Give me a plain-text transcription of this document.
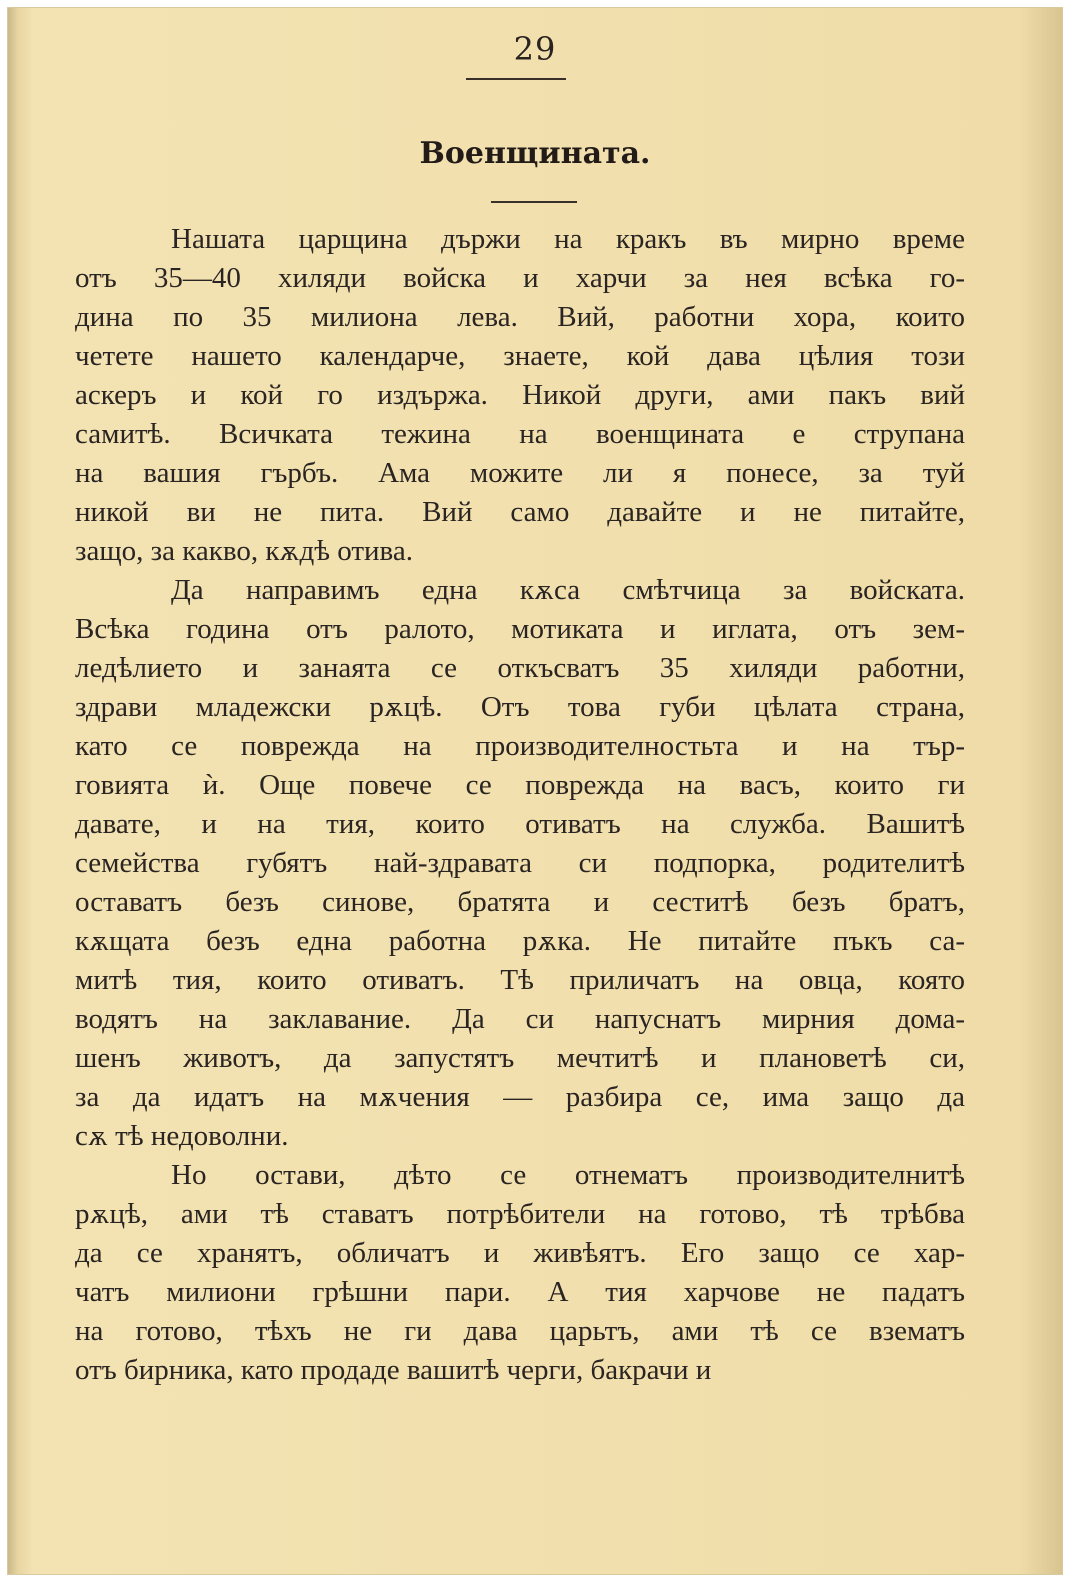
29
Военщината.
Нашата царщина държи на кракъ въ мирно време
отъ 35—40 хиляди войска и харчи за нея всѣка го-
дина по 35 милиона лева. Вий, работни хора, които
четете нашето календарче, знаете, кой дава цѣлия този
аскеръ и кой го издържа. Никой други, ами пакъ вий
самитѣ. Всичката тежина на военщината е струпана
на вашия гърбъ. Ама можите ли я понесе, за туй
никой ви не пита. Вий само давайте и не питайте,
защо, за какво, кѫдѣ отива.
Да направимъ една кѫса смѣтчица за войската.
Всѣка година отъ ралото, мотиката и иглата, отъ зем-
ледѣлието и занаята се откъсватъ 35 хиляди работни,
здрави младежски рѫцѣ. Отъ това губи цѣлата страна,
като се повреждa на производителностьта и на тър-
говията ѝ. Още повече се повреждa на васъ, които ги
давате, и на тия, които отиватъ на служба. Вашитѣ
семейства губятъ най-здравата си подпорка, родителитѣ
оставатъ безъ синове, братята и сеститѣ безъ братъ,
кѫщата безъ една работна рѫка. Не питайте пъкъ са-
митѣ тия, които отиватъ. Тѣ приличатъ на овца, която
водятъ на заклавание. Да си напуснатъ мирния дома-
шенъ животъ, да запустятъ мечтитѣ и плановетѣ си,
за да идатъ на мѫчения — разбира се, има защо да
сѫ тѣ недоволни.
Но остави, дѣто се отнематъ производителнитѣ
рѫцѣ, ами тѣ ставатъ потрѣбители на готово, тѣ трѣбва
да се хранятъ, обличатъ и живѣятъ. Его защо се хар-
чатъ милиони грѣшни пари. А тия харчове не падатъ
на готово, тѣхъ не ги дава царьтъ, ами тѣ се взематъ
отъ бирника, като продаде вашитѣ черги, бакрачи и
